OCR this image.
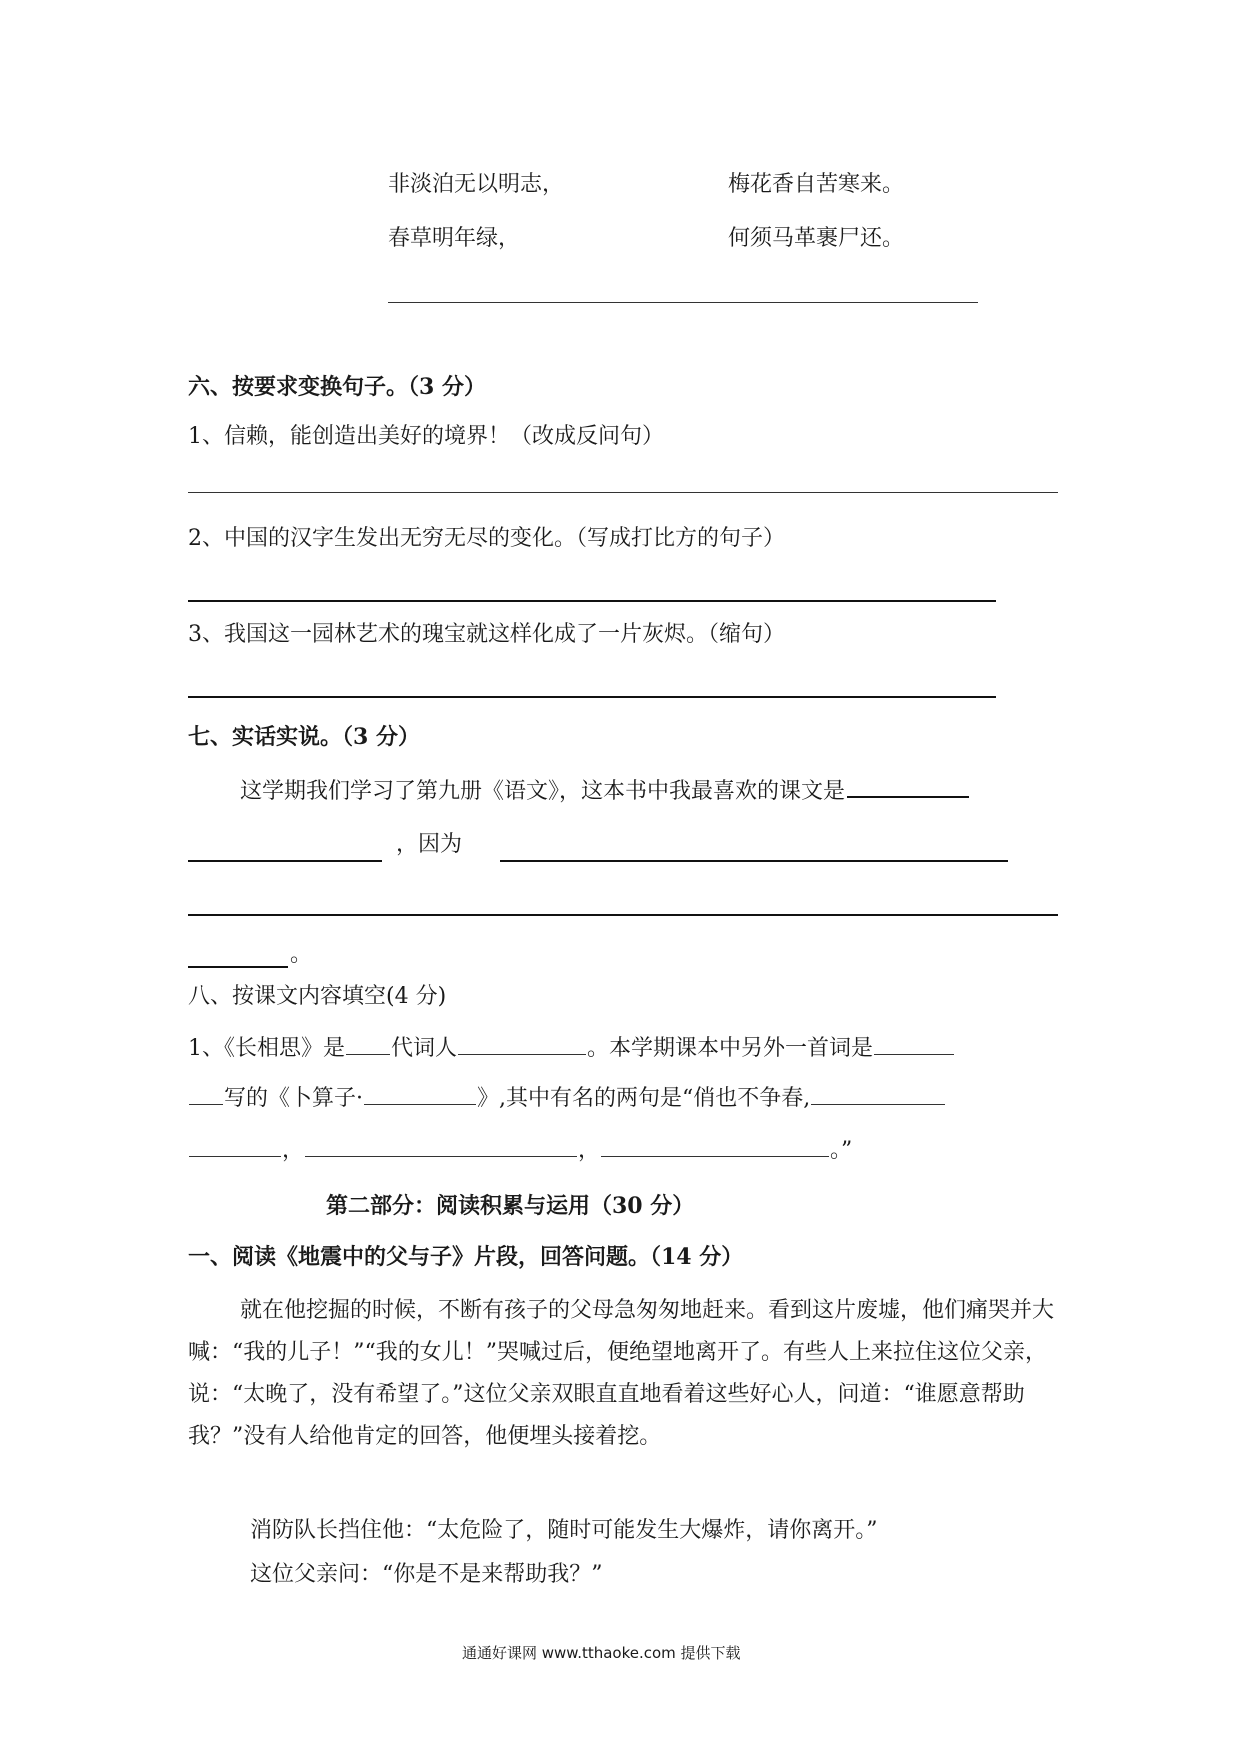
非淡泊无以明志，	梅花香自苦寒来。
春草明年绿，	何须马革裹尸还。
六、按要求变换句子。（3 分）
1、信赖，能创造出美好的境界！（改成反问句）
2、中国的汉字生发出无穷无尽的变化。（写成打比方的句子）
3、我国这一园林艺术的瑰宝就这样化成了一片灰烬。（缩句）
七、实话实说。（3 分）
这学期我们学习了第九册《语文》，这本书中我最喜欢的课文是
，因为
。
八、按课文内容填空(4 分)
1、《长相思》是 代词人	。本学期课本中另外一首词是
写的《卜算子·	》,其中有名的两句是“俏也不争春,
，	，	。”
第二部分：阅读积累与运用（30 分）
一、阅读《地震中的父与子》片段，回答问题。（14 分）
就在他挖掘的时候，不断有孩子的父母急匆匆地赶来。看到这片废墟，他们痛哭并大喊：“我的儿子！”“我的女儿！”哭喊过后，便绝望地离开了。有些人上来拉住这位父亲，说：“太晚了，没有希望了。”这位父亲双眼直直地看着这些好心人，问道：“谁愿意帮助我？”没有人给他肯定的回答，他便埋头接着挖。
消防队长挡住他：“太危险了，随时可能发生大爆炸，请你离开。”
这位父亲问：“你是不是来帮助我？”
通通好课网 www.tthaoke.com 提供下载
